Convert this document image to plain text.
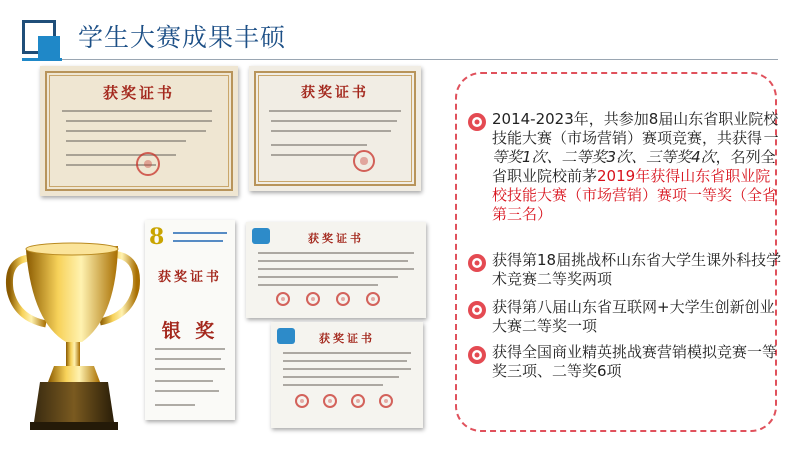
学生大赛成果丰硕
获奖证书	获奖证书
8
获奖证书
银 奖
获奖证书
获奖证书
2014-2023年，共参加8届山东省职业院校技能大赛（市场营销）赛项竞赛，共获得一等奖1次、二等奖3次、三等奖4次，名列全省职业院校前茅2019年获得山东省职业院校技能大赛（市场营销）赛项一等奖（全省第三名）
获得第18届挑战杯山东省大学生课外科技学术竞赛二等奖两项
获得第八届山东省互联网+大学生创新创业大赛二等奖一项
获得全国商业精英挑战赛营销模拟竞赛一等奖三项、二等奖6项
